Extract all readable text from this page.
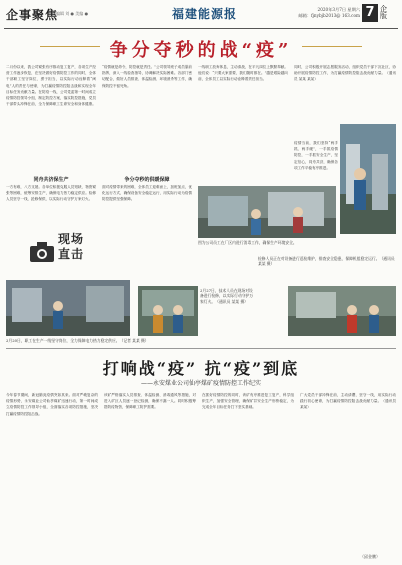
企事聚焦
责任编辑 刘 ● 美编 ●	福建能源报	2020年3月7日 星期六
邮箱：fjnybjb2013@ 163.com 7 企
版
争分夺秒的战“疫”
二月份以来，我公司紧张有序推动复工复产，各项生产经营工作逐步恢复，在坚决做好疫情防控工作的同时，全体干部职工坚守岗位、勇于担当，以实际行动诠释着“闽电”人的责任与使命，为打赢疫情防控阻击战和实现全年目标任务贡献力量。在防疫一线，公司党委第一时间成立疫情防控领导小组，制定防控方案，落实防控措施，党员干部带头冲锋在前，全力保障职工生命安全和身体健康。
同舟共济保生产
一方有难，八方支援。各单位积极克服人员短缺、物资紧张等困难，统筹安排生产，确保电力热力稳定供应。检修人员坚守一线，抢修保供，以实际行动守护万家灯火。
“疫情就是命令，防控就是责任。”公司领导班子成员靠前指挥，深入一线检查指导，协调解决实际困难。各部门密切配合，做好人员排查、体温检测、环境消杀等工作，确保防控不留死角。
争分夺秒的供暖保障
面对疫情带来的困难，全体员工迎难而上，加班加点，优化运行方式，确保设备安全稳定运行，用实际行动为疫情防控提供坚强保障。
一线职工放弃休息，主动请战，在平凡岗位上默默奉献。他们说：“只要大家需要，我们随时都在。”越是艰险越向前，全体员工以实际行动诠释着责任担当。
同时，公司积极开展志愿服务活动，组织党员干部下沉社区，协助开展疫情防控工作，为打赢疫情防控阻击战贡献力量。（通讯员 某某 某某）
疫情当前，我们坚持“两手抓、两手硬”，一手抓疫情防控，一手抓安全生产，坚定信心，同舟共济，确保各项工作平稳有序推进。
图为公司员工在厂区内进行消毒工作，确保生产环境安全。
现场
直击
2月20日，职工在生产一线坚守岗位，全力保障电力热力稳定供应。（记者 某某 摄）
2月27日，技术人员在现场对设备进行检修，以实际行动守护万家灯火。（通讯员 某某 摄）
检修人员正在对设备进行巡检维护，排查安全隐患，保障机组稳定运行。（通讯员 某某 摄）
打响战“疫” 抗“疫”到底
——永安煤业公司仙亭煤矿疫情防控工作纪实
今年春节期间，新冠肺炎疫情突如其来。面对严峻复杂的疫情形势，永安煤业公司仙亭煤矿迅速行动，第一时间成立疫情防控工作领导小组，全面落实各项防控措施，坚决打赢疫情防控阻击战。
该矿严格落实人员排查、体温检测、消毒通风等措施，对进入矿区人员逐一登记检测，确保不漏一人。同时积极筹措防疫物资，保障职工防护需要。
在抓好疫情防控的同时，该矿有序推进复工复产，科学组织生产，加强安全管理，确保矿井安全生产形势稳定，为完成全年目标任务打下坚实基础。
广大党员干部冲锋在前，主动请缨，坚守一线，用实际行动践行初心使命，为打赢疫情防控阻击战贡献力量。（通讯员 某某）
（邱金鹏）
